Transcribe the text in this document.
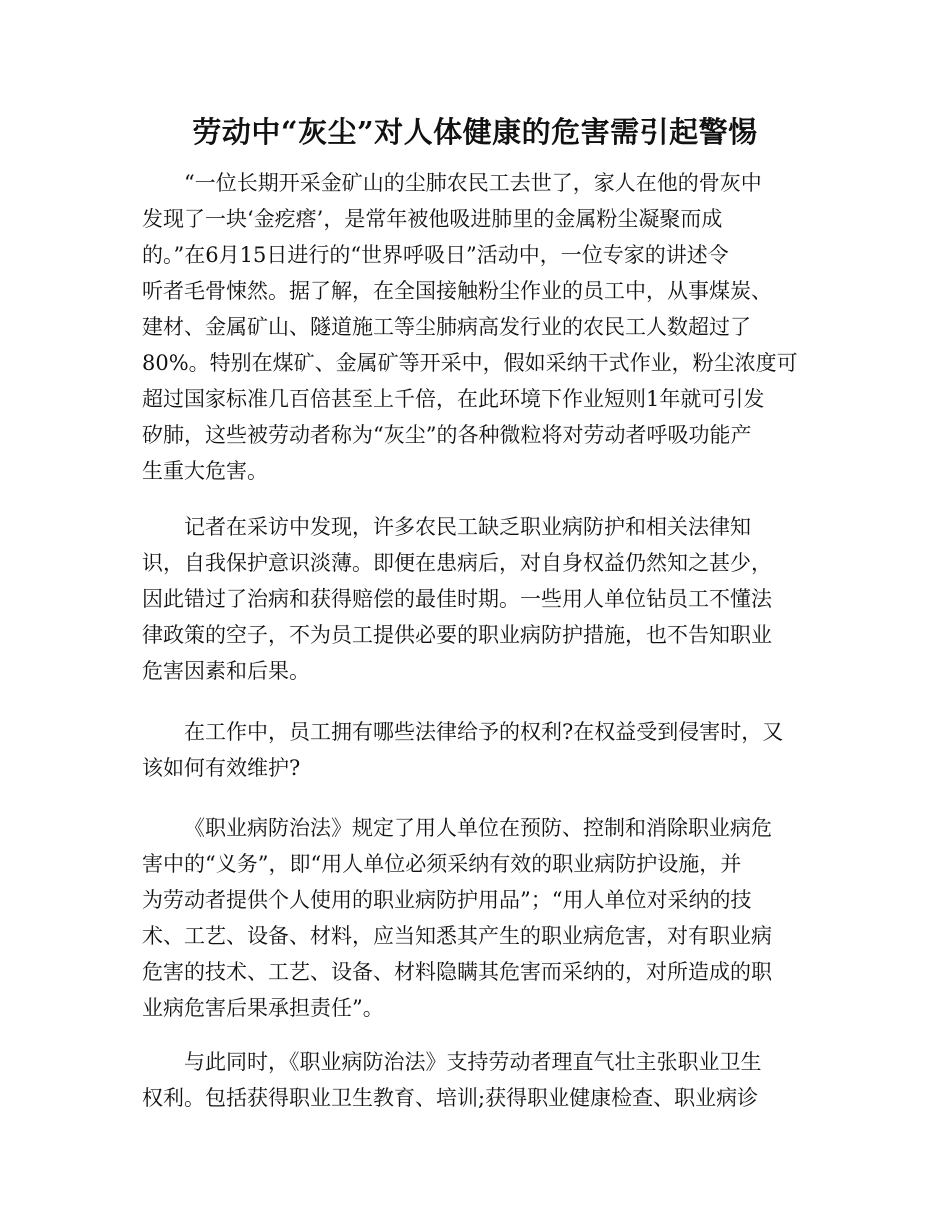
劳动中“灰尘”对人体健康的危害需引起警惕
“一位长期开采金矿山的尘肺农民工去世了，家人在他的骨灰中
发现了一块‘金疙瘩’，是常年被他吸进肺里的金属粉尘凝聚而成
的。”在6月15日进行的“世界呼吸日”活动中，一位专家的讲述令
听者毛骨悚然。据了解，在全国接触粉尘作业的员工中，从事煤炭、
建材、金属矿山、隧道施工等尘肺病高发行业的农民工人数超过了
80%。特别在煤矿、金属矿等开采中，假如采纳干式作业，粉尘浓度可
超过国家标准几百倍甚至上千倍，在此环境下作业短则1年就可引发
矽肺，这些被劳动者称为“灰尘”的各种微粒将对劳动者呼吸功能产
生重大危害。
记者在采访中发现，许多农民工缺乏职业病防护和相关法律知
识，自我保护意识淡薄。即便在患病后，对自身权益仍然知之甚少，
因此错过了治病和获得赔偿的最佳时期。一些用人单位钻员工不懂法
律政策的空子，不为员工提供必要的职业病防护措施，也不告知职业
危害因素和后果。
在工作中，员工拥有哪些法律给予的权利?在权益受到侵害时，又
该如何有效维护?
《职业病防治法》规定了用人单位在预防、控制和消除职业病危
害中的“义务”，即“用人单位必须采纳有效的职业病防护设施，并
为劳动者提供个人使用的职业病防护用品”；“用人单位对采纳的技
术、工艺、设备、材料，应当知悉其产生的职业病危害，对有职业病
危害的技术、工艺、设备、材料隐瞒其危害而采纳的，对所造成的职
业病危害后果承担责任”。
与此同时，《职业病防治法》支持劳动者理直气壮主张职业卫生
权利。包括获得职业卫生教育、培训;获得职业健康检查、职业病诊
